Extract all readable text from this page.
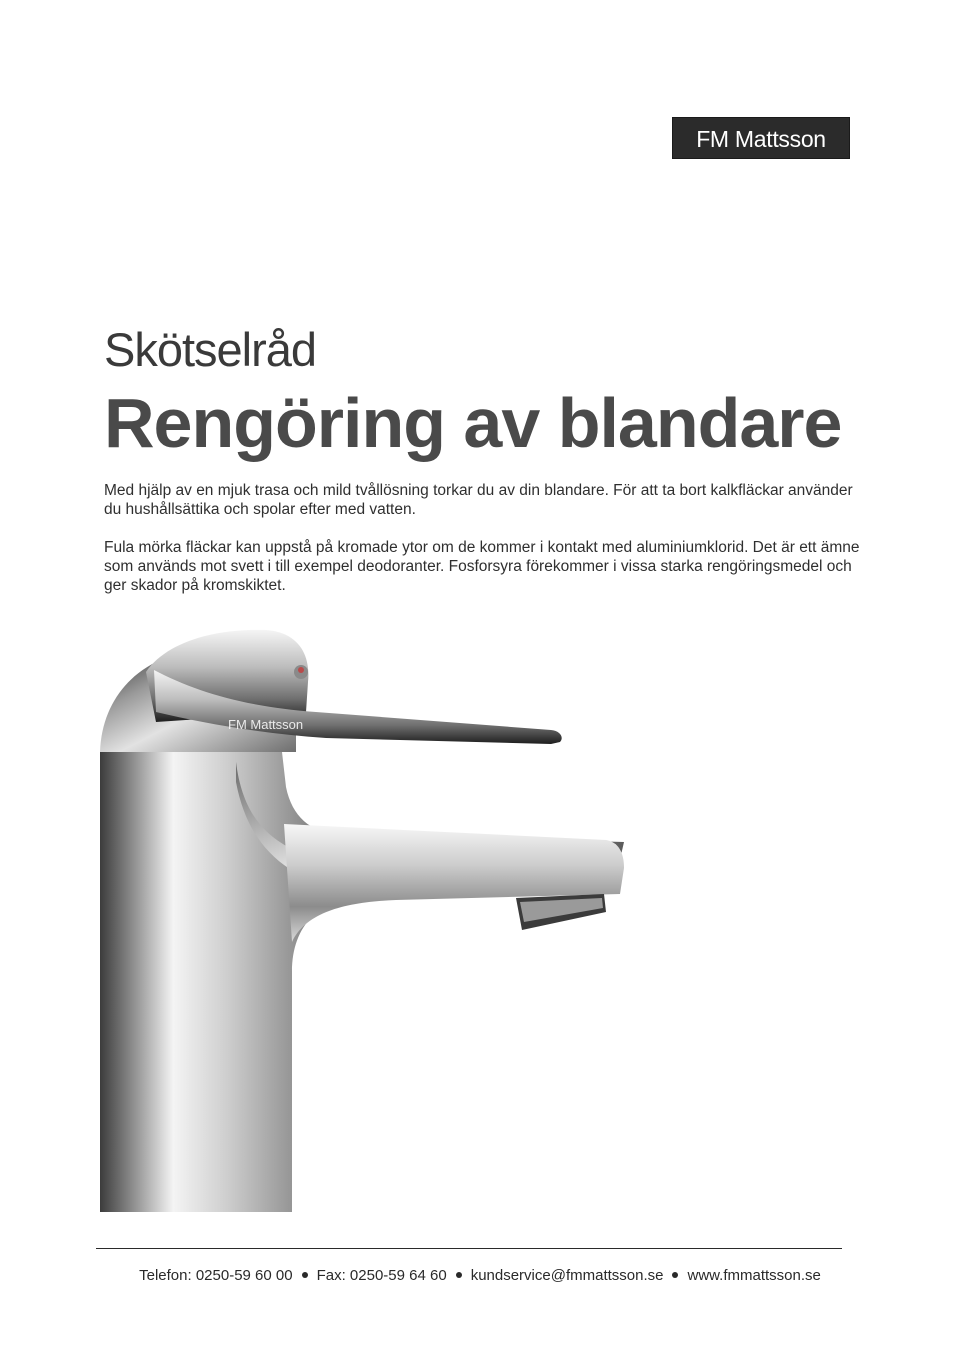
FM Mattsson
Skötselråd
Rengöring av blandare

Med hjälp av en mjuk trasa och mild tvållösning torkar du av din blandare. För att ta bort kalkfläckar använder du hushållsättika och spolar efter med vatten.

Fula mörka fläckar kan uppstå på kromade ytor om de kommer i kontakt med aluminiumklorid. Det är ett ämne som används mot svett i till exempel deodoranter. Fosforsyra förekommer i vissa starka rengöringsmedel och ger skador på kromskiktet.

FM Mattsson
Telefon: 0250-59 60 00 Fax: 0250-59 64 60 kundservice@fmmattsson.se www.fmmattsson.se
